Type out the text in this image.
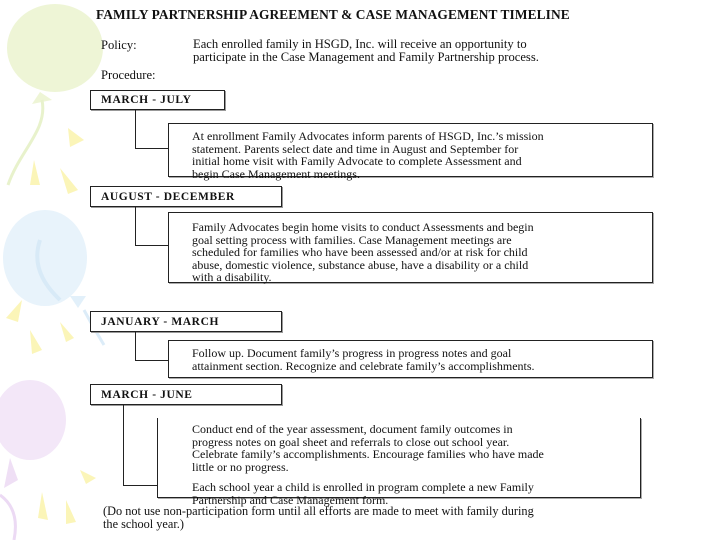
FAMILY PARTNERSHIP AGREEMENT & CASE MANAGEMENT TIMELINE
Policy:	Each enrolled family in HSGD, Inc. will receive an opportunity to
participate in the Case Management and Family Partnership process.
Procedure:
MARCH - JULY
At enrollment Family Advocates inform parents of HSGD, Inc.’s mission
statement. Parents select date and time in August and September for
initial home visit with Family Advocate to complete Assessment and
begin Case Management meetings.
AUGUST - DECEMBER
Family Advocates begin home visits to conduct Assessments and begin
goal setting process with families. Case Management meetings are
scheduled for families who have been assessed and/or at risk for child
abuse, domestic violence, substance abuse, have a disability or a child
with a disability.
JANUARY - MARCH
Follow up. Document family’s progress in progress notes and goal
attainment section. Recognize and celebrate family’s accomplishments.
MARCH - JUNE

Conduct end of the year assessment, document family outcomes in
progress notes on goal sheet and referrals to close out school year.
Celebrate family’s accomplishments. Encourage families who have made
little or no progress.

Each school year a child is enrolled in program complete a new Family
Partnership and Case Management form.

(Do not use non-participation form until all efforts are made to meet with family during
the school year.)
